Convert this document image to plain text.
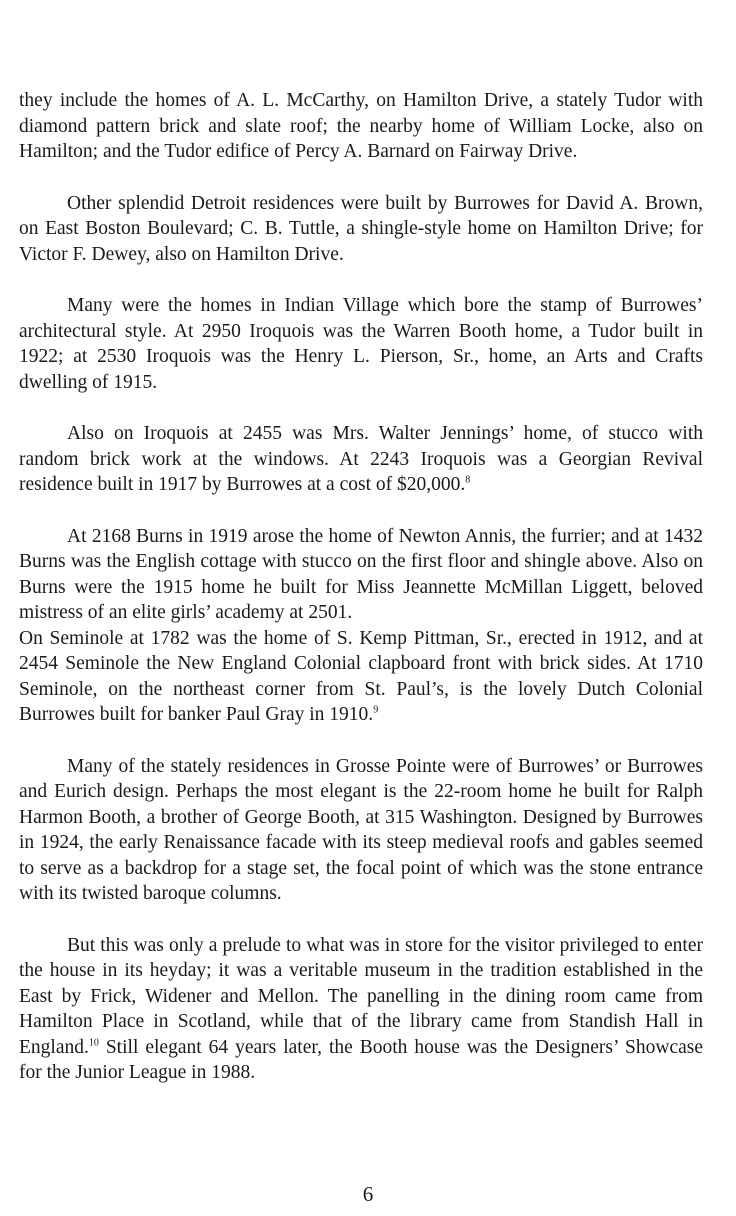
they include the homes of A. L. McCarthy, on Hamilton Drive, a stately Tudor with diamond pattern brick and slate roof; the nearby home of William Locke, also on Hamilton; and the Tudor edifice of Percy A. Barnard on Fairway Drive.

Other splendid Detroit residences were built by Burrowes for David A. Brown, on East Boston Boulevard; C. B. Tuttle, a shingle-style home on Hamilton Drive; for Victor F. Dewey, also on Hamilton Drive.

Many were the homes in Indian Village which bore the stamp of Burrowes’ architectural style. At 2950 Iroquois was the Warren Booth home, a Tudor built in 1922; at 2530 Iroquois was the Henry L. Pierson, Sr., home, an Arts and Crafts dwelling of 1915.

Also on Iroquois at 2455 was Mrs. Walter Jennings’ home, of stucco with random brick work at the windows. At 2243 Iroquois was a Georgian Revival residence built in 1917 by Burrowes at a cost of $20,000.$^8$

At 2168 Burns in 1919 arose the home of Newton Annis, the furrier; and at 1432 Burns was the English cottage with stucco on the first floor and shingle above. Also on Burns were the 1915 home he built for Miss Jeannette McMillan Liggett, beloved mistress of an elite girls’ academy at 2501.

On Seminole at 1782 was the home of S. Kemp Pittman, Sr., erected in 1912, and at 2454 Seminole the New England Colonial clapboard front with brick sides. At 1710 Seminole, on the northeast corner from St. Paul’s, is the lovely Dutch Colonial Burrowes built for banker Paul Gray in 1910.$^9$

Many of the stately residences in Grosse Pointe were of Burrowes’ or Burrowes and Eurich design. Perhaps the most elegant is the 22-room home he built for Ralph Harmon Booth, a brother of George Booth, at 315 Washington. Designed by Burrowes in 1924, the early Renaissance facade with its steep medieval roofs and gables seemed to serve as a backdrop for a stage set, the focal point of which was the stone entrance with its twisted baroque columns.

But this was only a prelude to what was in store for the visitor privileged to enter the house in its heyday; it was a veritable museum in the tradition established in the East by Frick, Widener and Mellon. The panelling in the dining room came from Hamilton Place in Scotland, while that of the library came from Standish Hall in England.$^{10}$ Still elegant 64 years later, the Booth house was the Designers’ Showcase for the Junior League in 1988.

6
